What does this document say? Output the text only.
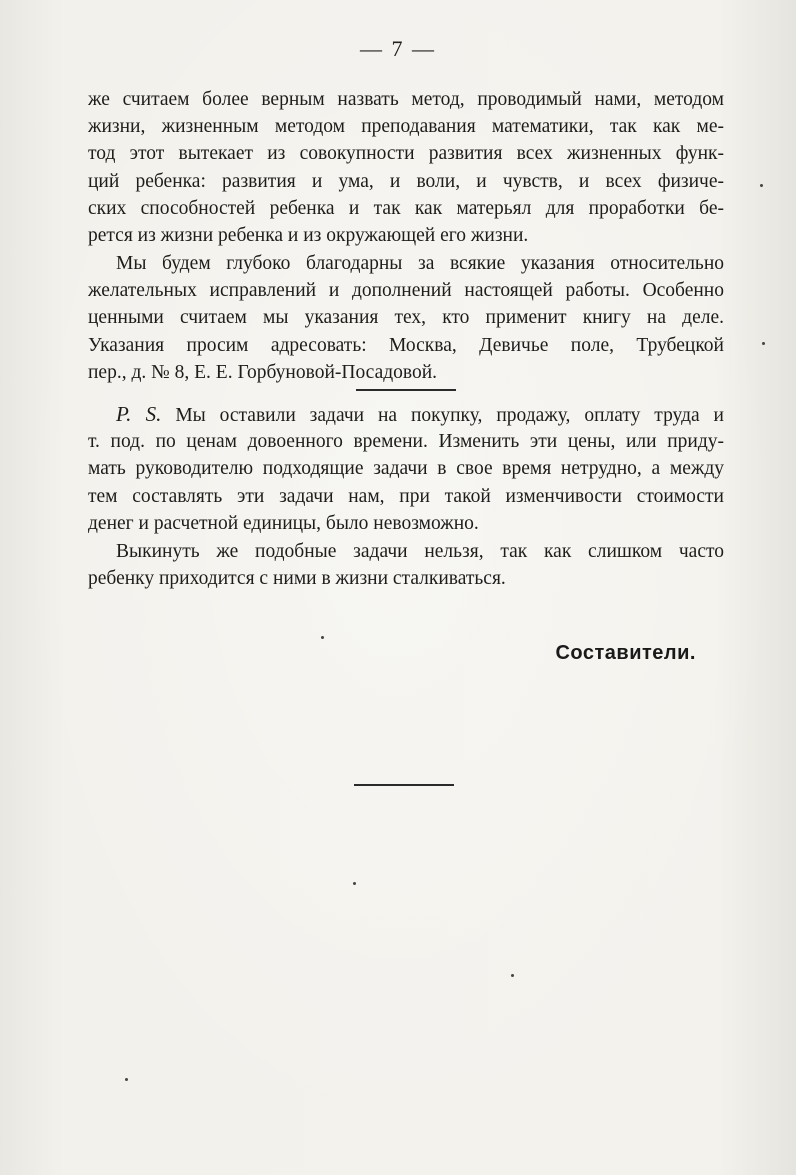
— 7 —
же считаем более верным назвать метод, проводимый нами, методом
жизни, жизненным методом преподавания математики, так как ме-
тод этот вытекает из совокупности развития всех жизненных функ-
ций ребенка: развития и ума, и воли, и чувств, и всех физиче-
ских способностей ребенка и так как матерьял для проработки бе-
рется из жизни ребенка и из окружающей его жизни.
Мы будем глубоко благодарны за всякие указания относительно
желательных исправлений и дополнений настоящей работы. Особенно
ценными считаем мы указания тех, кто применит книгу на деле.
Указания просим адресовать: Москва, Девичье поле, Трубецкой
пер., д. № 8, Е. Е. Горбуновой-Посадовой.
P. S. Мы оставили задачи на покупку, продажу, оплату труда и
т. под. по ценам довоенного времени. Изменить эти цены, или приду-
мать руководителю подходящие задачи в свое время нетрудно, а между
тем составлять эти задачи нам, при такой изменчивости стоимости
денег и расчетной единицы, было невозможно.
Выкинуть же подобные задачи нельзя, так как слишком часто
ребенку приходится с ними в жизни сталкиваться.
Составители.
